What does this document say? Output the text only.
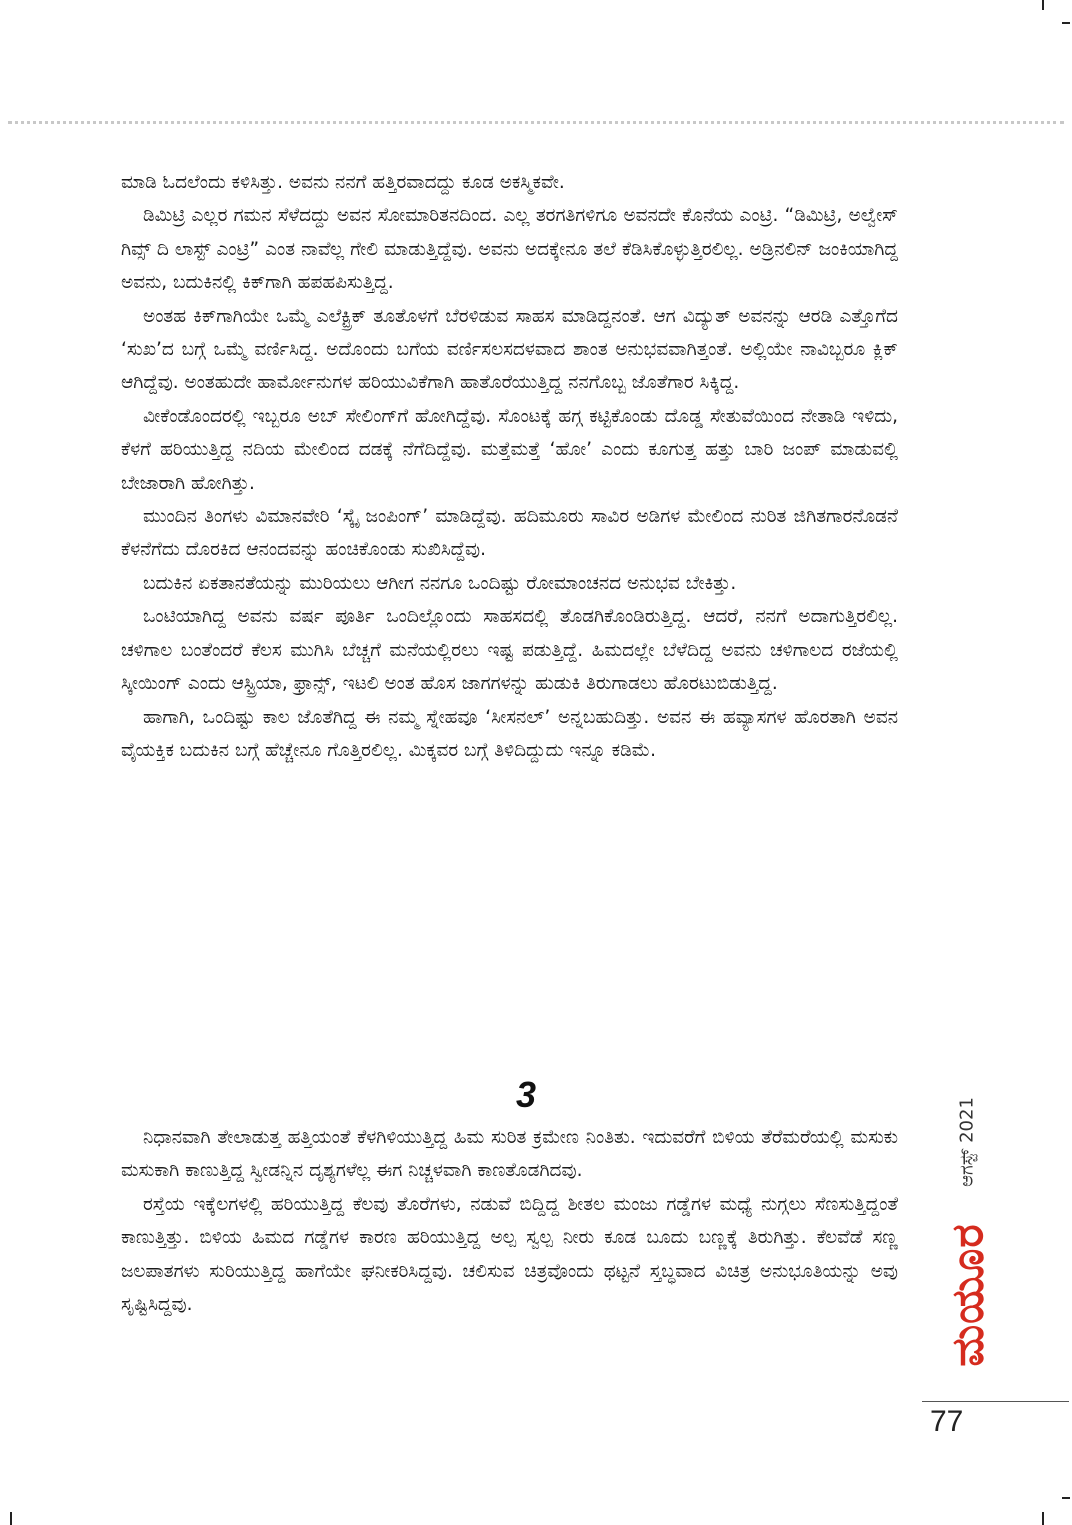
ಮಾಡಿ ಓದಲೆಂದು ಕಳಿಸಿತ್ತು. ಅವನು ನನಗೆ ಹತ್ತಿರವಾದದ್ದು ಕೂಡ ಅಕಸ್ಮಿಕವೇ.

ಡಿಮಿಟ್ರಿ ಎಲ್ಲರ ಗಮನ ಸೆಳೆದದ್ದು ಅವನ ಸೋಮಾರಿತನದಿಂದ. ಎಲ್ಲ ತರಗತಿಗಳಿಗೂ ಅವನದೇ ಕೊನೆಯ ಎಂಟ್ರಿ. “ಡಿಮಿಟ್ರಿ, ಅಲ್ವೇಸ್ ಗಿವ್ಸ್ ದಿ ಲಾಸ್ಟ್ ಎಂಟ್ರಿ” ಎಂತ ನಾವೆಲ್ಲ ಗೇಲಿ ಮಾಡುತ್ತಿದ್ದೆವು. ಅವನು ಅದಕ್ಕೇನೂ ತಲೆ ಕೆಡಿಸಿಕೊಳ್ಳುತ್ತಿರಲಿಲ್ಲ. ಅಡ್ರಿನಲಿನ್ ಜಂಕಿಯಾಗಿದ್ದ ಅವನು, ಬದುಕಿನಲ್ಲಿ ಕಿಕ್‌ಗಾಗಿ ಹಪಹಪಿಸುತ್ತಿದ್ದ.

ಅಂತಹ ಕಿಕ್‌ಗಾಗಿಯೇ ಒಮ್ಮೆ ಎಲೆಕ್ಟ್ರಿಕ್ ತೂತೊಳಗೆ ಬೆರಳಿಡುವ ಸಾಹಸ ಮಾಡಿದ್ದನಂತೆ. ಆಗ ವಿದ್ಯುತ್ ಅವನನ್ನು ಆರಡಿ ಎತ್ತೊಗೆದ ‘ಸುಖ’ದ ಬಗ್ಗೆ ಒಮ್ಮೆ ವರ್ಣಿಸಿದ್ದ. ಅದೊಂದು ಬಗೆಯ ವರ್ಣಿಸಲಸದಳವಾದ ಶಾಂತ ಅನುಭವವಾಗಿತ್ತಂತೆ. ಅಲ್ಲಿಯೇ ನಾವಿಬ್ಬರೂ ಕ್ಲಿಕ್ ಆಗಿದ್ದೆವು. ಅಂತಹುದೇ ಹಾರ್ಮೋನುಗಳ ಹರಿಯುವಿಕೆಗಾಗಿ ಹಾತೊರೆಯುತ್ತಿದ್ದ ನನಗೊಬ್ಬ ಜೊತೆಗಾರ ಸಿಕ್ಕಿದ್ದ.

ವೀಕೆಂಡೊಂದರಲ್ಲಿ ಇಬ್ಬರೂ ಅಬ್ ಸೇಲಿಂಗ್‌ಗೆ ಹೋಗಿದ್ದೆವು. ಸೊಂಟಕ್ಕೆ ಹಗ್ಗ ಕಟ್ಟಿಕೊಂಡು ದೊಡ್ಡ ಸೇತುವೆಯಿಂದ ನೇತಾಡಿ ಇಳಿದು, ಕೆಳಗೆ ಹರಿಯುತ್ತಿದ್ದ ನದಿಯ ಮೇಲಿಂದ ದಡಕ್ಕೆ ನೆಗೆದಿದ್ದೆವು. ಮತ್ತೆಮತ್ತೆ ‘ಹೋ’ ಎಂದು ಕೂಗುತ್ತ ಹತ್ತು ಬಾರಿ ಜಂಪ್ ಮಾಡುವಲ್ಲಿ ಬೇಜಾರಾಗಿ ಹೋಗಿತ್ತು.

ಮುಂದಿನ ತಿಂಗಳು ವಿಮಾನವೇರಿ ‘ಸ್ಕೈ ಜಂಪಿಂಗ್’ ಮಾಡಿದ್ದೆವು. ಹದಿಮೂರು ಸಾವಿರ ಅಡಿಗಳ ಮೇಲಿಂದ ನುರಿತ ಜಿಗಿತಗಾರನೊಡನೆ ಕೆಳನೆಗೆದು ದೊರಕಿದ ಆನಂದವನ್ನು ಹಂಚಿಕೊಂಡು ಸುಖಿಸಿದ್ದೆವು.

ಬದುಕಿನ ಏಕತಾನತೆಯನ್ನು ಮುರಿಯಲು ಆಗೀಗ ನನಗೂ ಒಂದಿಷ್ಟು ರೋಮಾಂಚನದ ಅನುಭವ ಬೇಕಿತ್ತು.

ಒಂಟಿಯಾಗಿದ್ದ ಅವನು ವರ್ಷ ಪೂರ್ತಿ ಒಂದಿಲ್ಲೊಂದು ಸಾಹಸದಲ್ಲಿ ತೊಡಗಿಕೊಂಡಿರುತ್ತಿದ್ದ. ಆದರೆ, ನನಗೆ ಅದಾಗುತ್ತಿರಲಿಲ್ಲ. ಚಳಿಗಾಲ ಬಂತೆಂದರೆ ಕೆಲಸ ಮುಗಿಸಿ ಬೆಚ್ಚಗೆ ಮನೆಯಲ್ಲಿರಲು ಇಷ್ಟ ಪಡುತ್ತಿದ್ದೆ. ಹಿಮದಲ್ಲೇ ಬೆಳೆದಿದ್ದ ಅವನು ಚಳಿಗಾಲದ ರಜೆಯಲ್ಲಿ ಸ್ಕೀಯಿಂಗ್ ಎಂದು ಆಸ್ಟ್ರಿಯಾ, ಫ್ರಾನ್ಸ್, ಇಟಲಿ ಅಂತ ಹೊಸ ಜಾಗಗಳನ್ನು ಹುಡುಕಿ ತಿರುಗಾಡಲು ಹೊರಟುಬಿಡುತ್ತಿದ್ದ.

ಹಾಗಾಗಿ, ಒಂದಿಷ್ಟು ಕಾಲ ಜೊತೆಗಿದ್ದ ಈ ನಮ್ಮ ಸ್ನೇಹವೂ ‘ಸೀಸನಲ್’ ಅನ್ನಬಹುದಿತ್ತು. ಅವನ ಈ ಹವ್ಯಾಸಗಳ ಹೊರತಾಗಿ ಅವನ ವೈಯಕ್ತಿಕ ಬದುಕಿನ ಬಗ್ಗೆ ಹೆಚ್ಚೇನೂ ಗೊತ್ತಿರಲಿಲ್ಲ. ಮಿಕ್ಕವರ ಬಗ್ಗೆ ತಿಳಿದಿದ್ದುದು ಇನ್ನೂ ಕಡಿಮೆ.

3

ನಿಧಾನವಾಗಿ ತೇಲಾಡುತ್ತ ಹತ್ತಿಯಂತೆ ಕೆಳಗಿಳಿಯುತ್ತಿದ್ದ ಹಿಮ ಸುರಿತ ಕ್ರಮೇಣ ನಿಂತಿತು. ಇದುವರೆಗೆ ಬಿಳಿಯ ತೆರೆಮರೆಯಲ್ಲಿ ಮಸುಕು ಮಸುಕಾಗಿ ಕಾಣುತ್ತಿದ್ದ ಸ್ವೀಡನ್ನಿನ ದೃಶ್ಯಗಳೆಲ್ಲ ಈಗ ನಿಚ್ಚಳವಾಗಿ ಕಾಣತೊಡಗಿದವು.

ರಸ್ತೆಯ ಇಕ್ಕೆಲಗಳಲ್ಲಿ ಹರಿಯುತ್ತಿದ್ದ ಕೆಲವು ತೊರೆಗಳು, ನಡುವೆ ಬಿದ್ದಿದ್ದ ಶೀತಲ ಮಂಜು ಗಡ್ಡೆಗಳ ಮಧ್ಯೆ ನುಗ್ಗಲು ಸೆಣಸುತ್ತಿದ್ದಂತೆ ಕಾಣುತ್ತಿತ್ತು. ಬಿಳಿಯ ಹಿಮದ ಗಡ್ಡೆಗಳ ಕಾರಣ ಹರಿಯುತ್ತಿದ್ದ ಅಲ್ಪ ಸ್ವಲ್ಪ ನೀರು ಕೂಡ ಬೂದು ಬಣ್ಣಕ್ಕೆ ತಿರುಗಿತ್ತು. ಕೆಲವೆಡೆ ಸಣ್ಣ ಜಲಪಾತಗಳು ಸುರಿಯುತ್ತಿದ್ದ ಹಾಗೆಯೇ ಘನೀಕರಿಸಿದ್ದವು. ಚಲಿಸುವ ಚಿತ್ರವೊಂದು ಥಟ್ಟನೆ ಸ್ತಬ್ಧವಾದ ವಿಚಿತ್ರ ಅನುಭೂತಿಯನ್ನು ಅವು ಸೃಷ್ಟಿಸಿದ್ದವು.

ಆಗಸ್ಟ್ 2021
ಮಯೂರ
77
